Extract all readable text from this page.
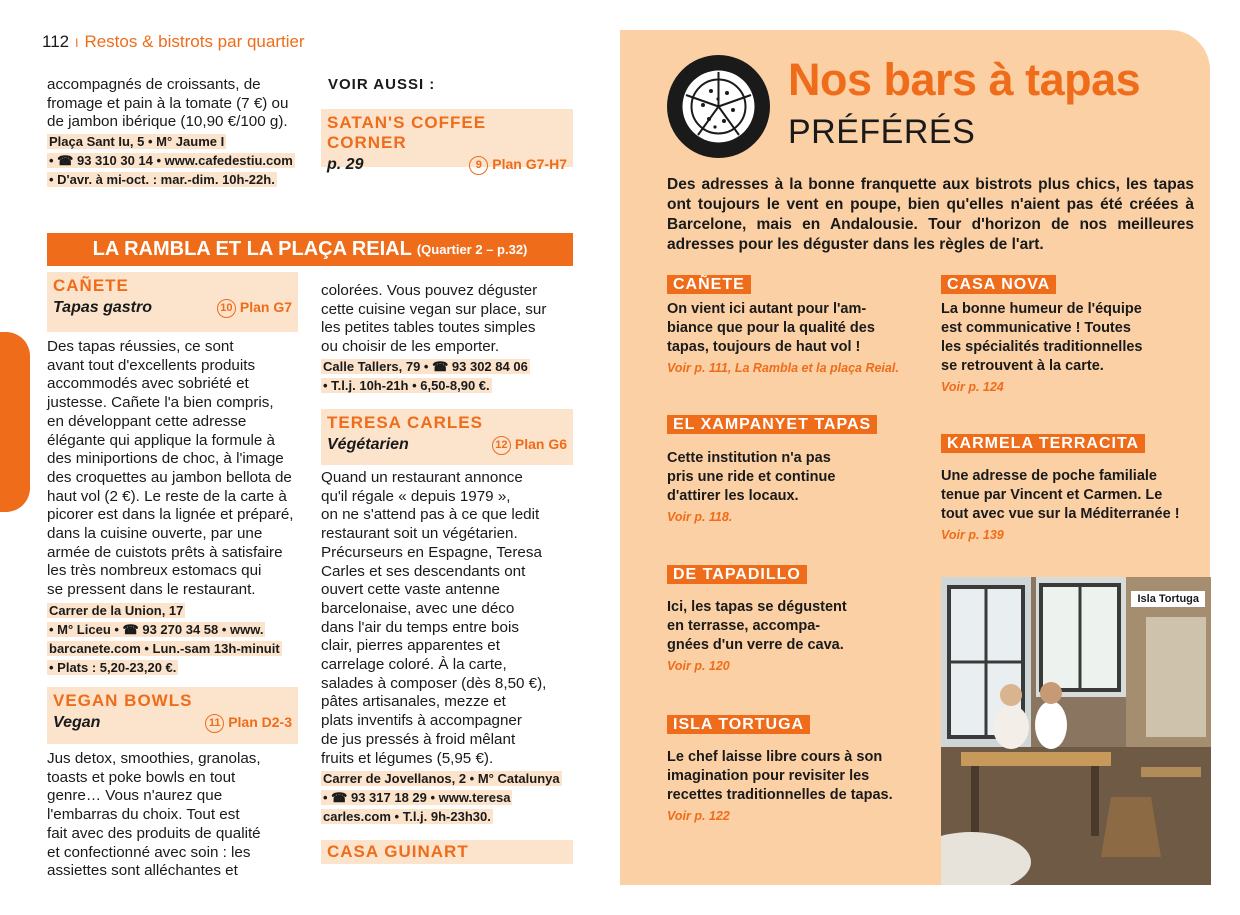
112 I Restos & bistrots par quartier
accompagnés de croissants, de fromage et pain à la tomate (7 €) ou de jambon ibérique (10,90 €/100 g).
Plaça Sant Iu, 5 • M° Jaume I
• ☎ 93 310 30 14 • www.cafedestiu.com
• D'avr. à mi-oct. : mar.-dim. 10h-22h.
VOIR AUSSI :
SATAN'S COFFEE CORNER
p. 29	9 Plan G7-H7
LA RAMBLA ET LA PLAÇA REIAL (Quartier 2 – p.32)
CAÑETE
Tapas gastro	10 Plan G7
Des tapas réussies, ce sont
avant tout d'excellents produits
accommodés avec sobriété et
justesse. Cañete l'a bien compris,
en développant cette adresse
élégante qui applique la formule à
des miniportions de choc, à l'image
des croquettes au jambon bellota de
haut vol (2 €). Le reste de la carte à
picorer est dans la lignée et préparé,
dans la cuisine ouverte, par une
armée de cuistots prêts à satisfaire
les très nombreux estomacs qui
se pressent dans le restaurant.
Carrer de la Union, 17
• M° Liceu • ☎ 93 270 34 58 • www.
barcanete.com • Lun.-sam 13h-minuit
• Plats : 5,20-23,20 €.
VEGAN BOWLS
Vegan	11 Plan D2-3
Jus detox, smoothies, granolas,
toasts et poke bowls en tout
genre… Vous n'aurez que
l'embarras du choix. Tout est
fait avec des produits de qualité
et confectionné avec soin : les
assiettes sont alléchantes et
colorées. Vous pouvez déguster
cette cuisine vegan sur place, sur
les petites tables toutes simples
ou choisir de les emporter.
Calle Tallers, 79 • ☎ 93 302 84 06
• T.l.j. 10h-21h • 6,50-8,90 €.
TERESA CARLES
Végétarien	12 Plan G6
Quand un restaurant annonce
qu'il régale « depuis 1979 »,
on ne s'attend pas à ce que ledit
restaurant soit un végétarien.
Précurseurs en Espagne, Teresa
Carles et ses descendants ont
ouvert cette vaste antenne
barcelonaise, avec une déco
dans l'air du temps entre bois
clair, pierres apparentes et
carrelage coloré. À la carte,
salades à composer (dès 8,50 €),
pâtes artisanales, mezze et
plats inventifs à accompagner
de jus pressés à froid mêlant
fruits et légumes (5,95 €).
Carrer de Jovellanos, 2 • M° Catalunya
• ☎ 93 317 18 29 • www.teresa
carles.com • T.l.j. 9h-23h30.
CASA GUINART
Nos bars à tapas
PRÉFÉRÉS
Des adresses à la bonne franquette aux bistrots plus chics, les tapas ont toujours le vent en poupe, bien qu'elles n'aient pas été créées à Barcelone, mais en Andalousie. Tour d'horizon de nos meilleures adresses pour les déguster dans les règles de l'art.
CAÑETE
On vient ici autant pour l'am-
biance que pour la qualité des
tapas, toujours de haut vol !
Voir p. 111, La Rambla et la plaça Reial.
CASA NOVA
La bonne humeur de l'équipe
est communicative ! Toutes
les spécialités traditionnelles
se retrouvent à la carte.
Voir p. 124
EL XAMPANYET TAPAS
Cette institution n'a pas
pris une ride et continue
d'attirer les locaux.
Voir p. 118.
KARMELA TERRACITA
Une adresse de poche familiale
tenue par Vincent et Carmen. Le
tout avec vue sur la Méditerranée !
Voir p. 139
DE TAPADILLO
Ici, les tapas se dégustent
en terrasse, accompa-
gnées d'un verre de cava.
Voir p. 120
ISLA TORTUGA
Le chef laisse libre cours à son
imagination pour revisiter les
recettes traditionnelles de tapas.
Voir p. 122
Isla Tortuga
